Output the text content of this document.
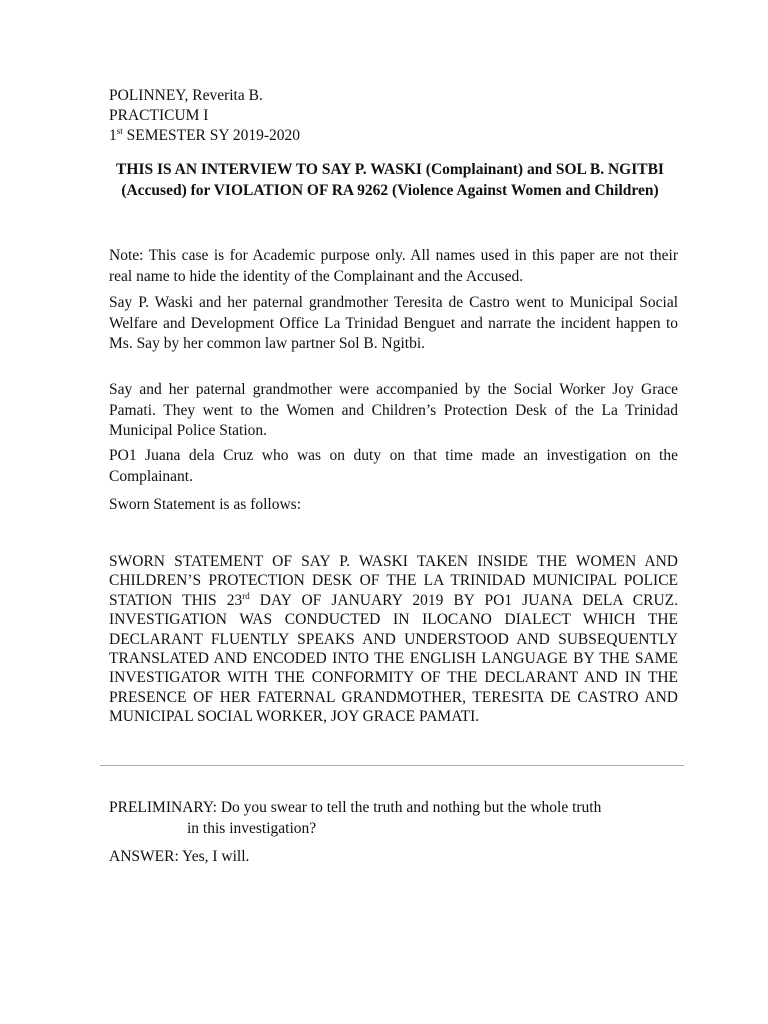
POLINNEY, Reverita B.
PRACTICUM I
1st SEMESTER SY 2019-2020
THIS IS AN INTERVIEW TO SAY P. WASKI (Complainant) and SOL B. NGITBI (Accused) for VIOLATION OF RA 9262 (Violence Against Women and Children)
Note: This case is for Academic purpose only. All names used in this paper are not their real name to hide the identity of the Complainant and the Accused.
Say P. Waski and her paternal grandmother Teresita de Castro went to Municipal Social Welfare and Development Office La Trinidad Benguet and narrate the incident happen to Ms. Say by her common law partner Sol B. Ngitbi.
Say and her paternal grandmother were accompanied by the Social Worker Joy Grace Pamati. They went to the Women and Children’s Protection Desk of the La Trinidad Municipal Police Station.
PO1 Juana dela Cruz who was on duty on that time made an investigation on the Complainant.
Sworn Statement is as follows:
SWORN STATEMENT OF SAY P. WASKI TAKEN INSIDE THE WOMEN AND CHILDREN’S PROTECTION DESK OF THE LA TRINIDAD MUNICIPAL POLICE STATION THIS 23rd DAY OF JANUARY 2019 BY PO1 JUANA DELA CRUZ. INVESTIGATION WAS CONDUCTED IN ILOCANO DIALECT WHICH THE DECLARANT FLUENTLY SPEAKS AND UNDERSTOOD AND SUBSEQUENTLY TRANSLATED AND ENCODED INTO THE ENGLISH LANGUAGE BY THE SAME INVESTIGATOR WITH THE CONFORMITY OF THE DECLARANT AND IN THE PRESENCE OF HER FATERNAL GRANDMOTHER, TERESITA DE CASTRO AND MUNICIPAL SOCIAL WORKER, JOY GRACE PAMATI.
PRELIMINARY: Do you swear to tell the truth and nothing but the whole truth
in this investigation?
ANSWER: Yes, I will.
